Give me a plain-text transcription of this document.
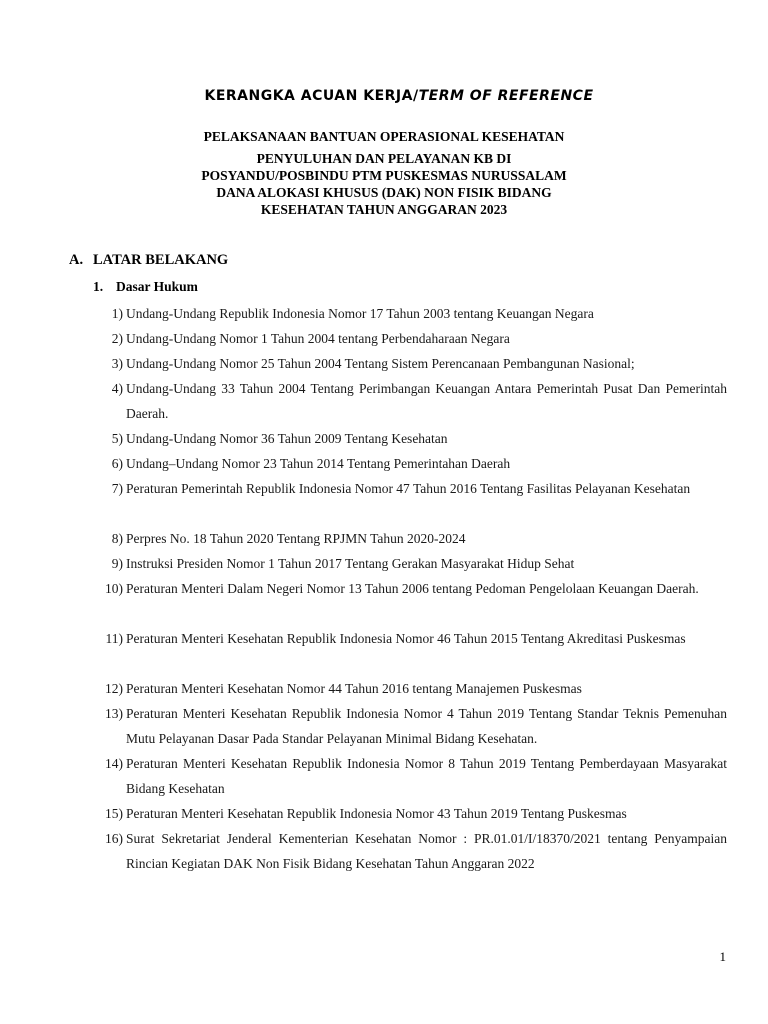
KERANGKA ACUAN KERJA/TERM OF REFERENCE

PELAKSANAAN BANTUAN OPERASIONAL KESEHATAN

PENYULUHAN DAN PELAYANAN KB DI

POSYANDU/POSBINDU PTM PUSKESMAS NURUSSALAM

DANA ALOKASI KHUSUS (DAK) NON FISIK BIDANG

KESEHATAN TAHUN ANGGARAN 2023

A. LATAR BELAKANG
1. Dasar Hukum
1) Undang-Undang Republik Indonesia Nomor 17 Tahun 2003 tentang Keuangan Negara
2) Undang-Undang Nomor 1 Tahun 2004 tentang Perbendaharaan Negara
3) Undang-Undang Nomor 25 Tahun 2004 Tentang Sistem Perencanaan Pembangunan Nasional;
4) Undang-Undang 33 Tahun 2004 Tentang Perimbangan Keuangan Antara Pemerintah Pusat Dan Pemerintah Daerah.
5) Undang-Undang Nomor 36 Tahun 2009 Tentang Kesehatan
6) Undang–Undang Nomor 23 Tahun 2014 Tentang Pemerintahan Daerah
7) Peraturan Pemerintah Republik Indonesia Nomor 47 Tahun 2016 Tentang Fasilitas Pelayanan Kesehatan
8) Perpres No. 18 Tahun 2020 Tentang RPJMN Tahun 2020-2024
9) Instruksi Presiden Nomor 1 Tahun 2017 Tentang Gerakan Masyarakat Hidup Sehat
10) Peraturan Menteri Dalam Negeri Nomor 13 Tahun 2006 tentang Pedoman Pengelolaan Keuangan Daerah.
11) Peraturan Menteri Kesehatan Republik Indonesia Nomor 46 Tahun 2015 Tentang Akreditasi Puskesmas
12) Peraturan Menteri Kesehatan Nomor 44 Tahun 2016 tentang Manajemen Puskesmas
13) Peraturan Menteri Kesehatan Republik Indonesia Nomor 4 Tahun 2019 Tentang Standar Teknis Pemenuhan Mutu Pelayanan Dasar Pada Standar Pelayanan Minimal Bidang Kesehatan.
14) Peraturan Menteri Kesehatan Republik Indonesia Nomor 8 Tahun 2019 Tentang Pemberdayaan Masyarakat Bidang Kesehatan
15) Peraturan Menteri Kesehatan Republik Indonesia Nomor 43 Tahun 2019 Tentang Puskesmas
16) Surat Sekretariat Jenderal Kementerian Kesehatan Nomor : PR.01.01/I/18370/2021 tentang Penyampaian Rincian Kegiatan DAK Non Fisik Bidang Kesehatan Tahun Anggaran 2022

1
